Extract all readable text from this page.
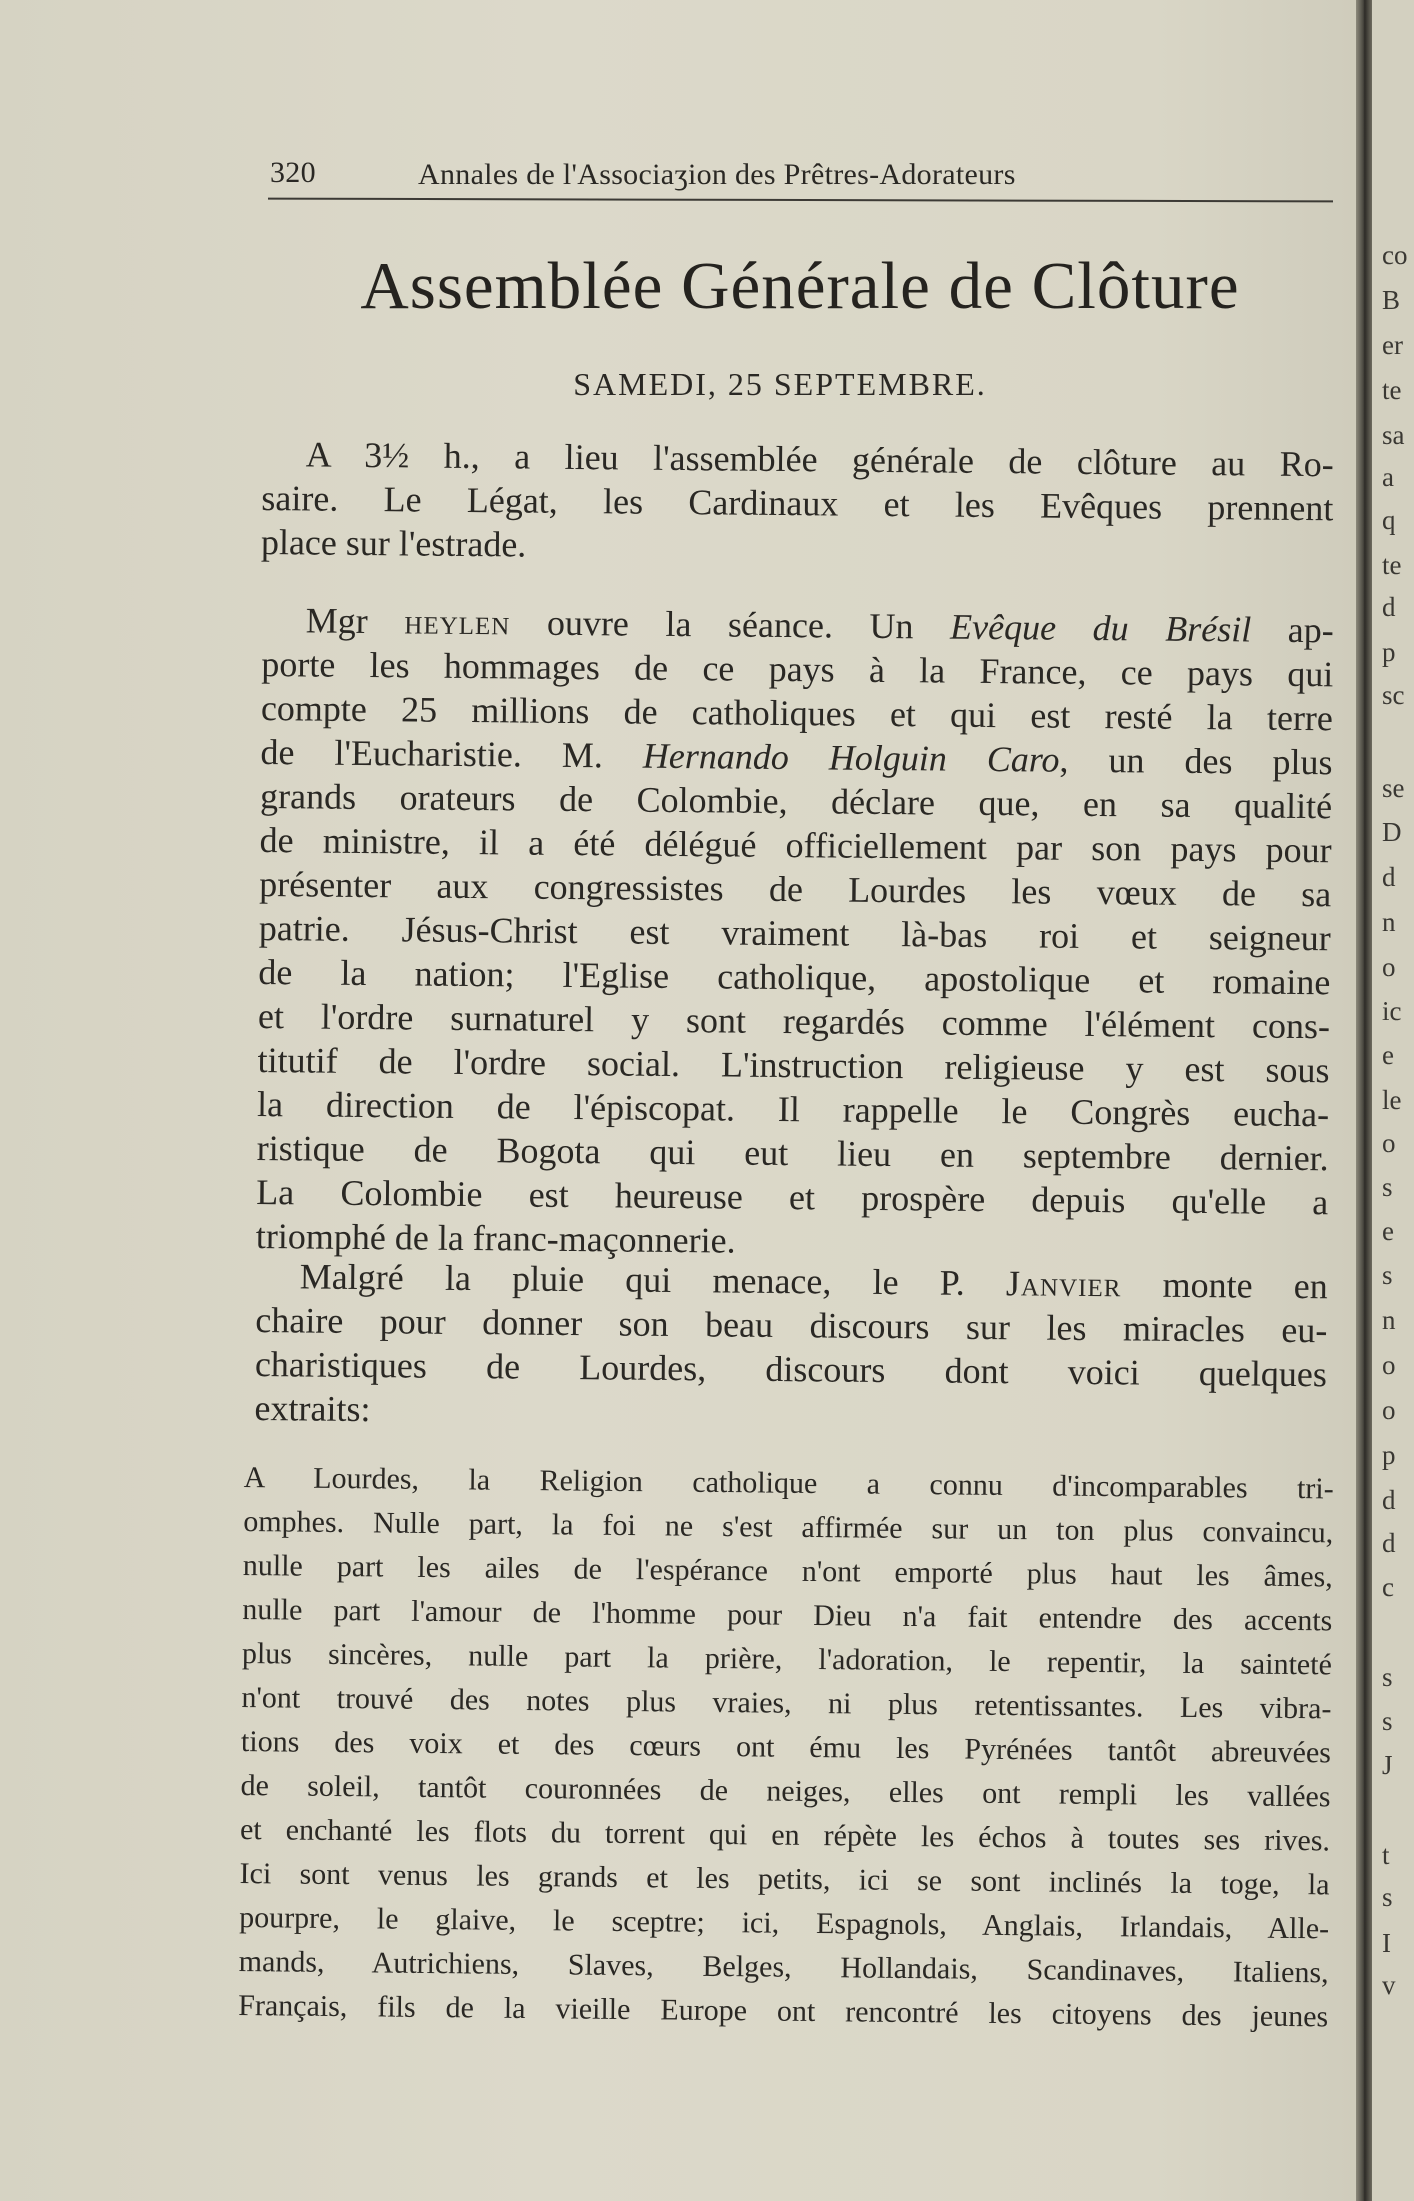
320	Annales de l'Associaʒion des Prêtres-Adorateurs
Assemblée Générale de Clôture
SAMEDI, 25 SEPTEMBRE.
A 3½ h., a lieu l'assemblée générale de clôture au Ro-
saire. Le Légat, les Cardinaux et les Evêques prennent
place sur l'estrade.
Mgr heylen ouvre la séance. Un Evêque du Brésil ap-
porte les hommages de ce pays à la France, ce pays qui
compte 25 millions de catholiques et qui est resté la terre
de l'Eucharistie. M. Hernando Holguin Caro, un des plus
grands orateurs de Colombie, déclare que, en sa qualité
de ministre, il a été délégué officiellement par son pays pour
présenter aux congressistes de Lourdes les vœux de sa
patrie. Jésus-Christ est vraiment là-bas roi et seigneur
de la nation; l'Eglise catholique, apostolique et romaine
et l'ordre surnaturel y sont regardés comme l'élément cons-
titutif de l'ordre social. L'instruction religieuse y est sous
la direction de l'épiscopat. Il rappelle le Congrès eucha-
ristique de Bogota qui eut lieu en septembre dernier.
La Colombie est heureuse et prospère depuis qu'elle a
triomphé de la franc-maçonnerie.
Malgré la pluie qui menace, le P. Janvier monte en
chaire pour donner son beau discours sur les miracles eu-
charistiques de Lourdes, discours dont voici quelques
extraits:
A Lourdes, la Religion catholique a connu d'incomparables tri-
omphes. Nulle part, la foi ne s'est affirmée sur un ton plus convaincu,
nulle part les ailes de l'espérance n'ont emporté plus haut les âmes,
nulle part l'amour de l'homme pour Dieu n'a fait entendre des accents
plus sincères, nulle part la prière, l'adoration, le repentir, la sainteté
n'ont trouvé des notes plus vraies, ni plus retentissantes. Les vibra-
tions des voix et des cœurs ont ému les Pyrénées tantôt abreuvées
de soleil, tantôt couronnées de neiges, elles ont rempli les vallées
et enchanté les flots du torrent qui en répète les échos à toutes ses rives.
Ici sont venus les grands et les petits, ici se sont inclinés la toge, la
pourpre, le glaive, le sceptre; ici, Espagnols, Anglais, Irlandais, Alle-
mands, Autrichiens, Slaves, Belges, Hollandais, Scandinaves, Italiens,
Français, fils de la vieille Europe ont rencontré les citoyens des jeunes
co
B
er
te
sa
a
q
te
d
p
sc
se
D
d
n
o
ic
e
le
o
s
e
s
n
o
o
p
d
d
c
s
s
J
t
s
I
v
